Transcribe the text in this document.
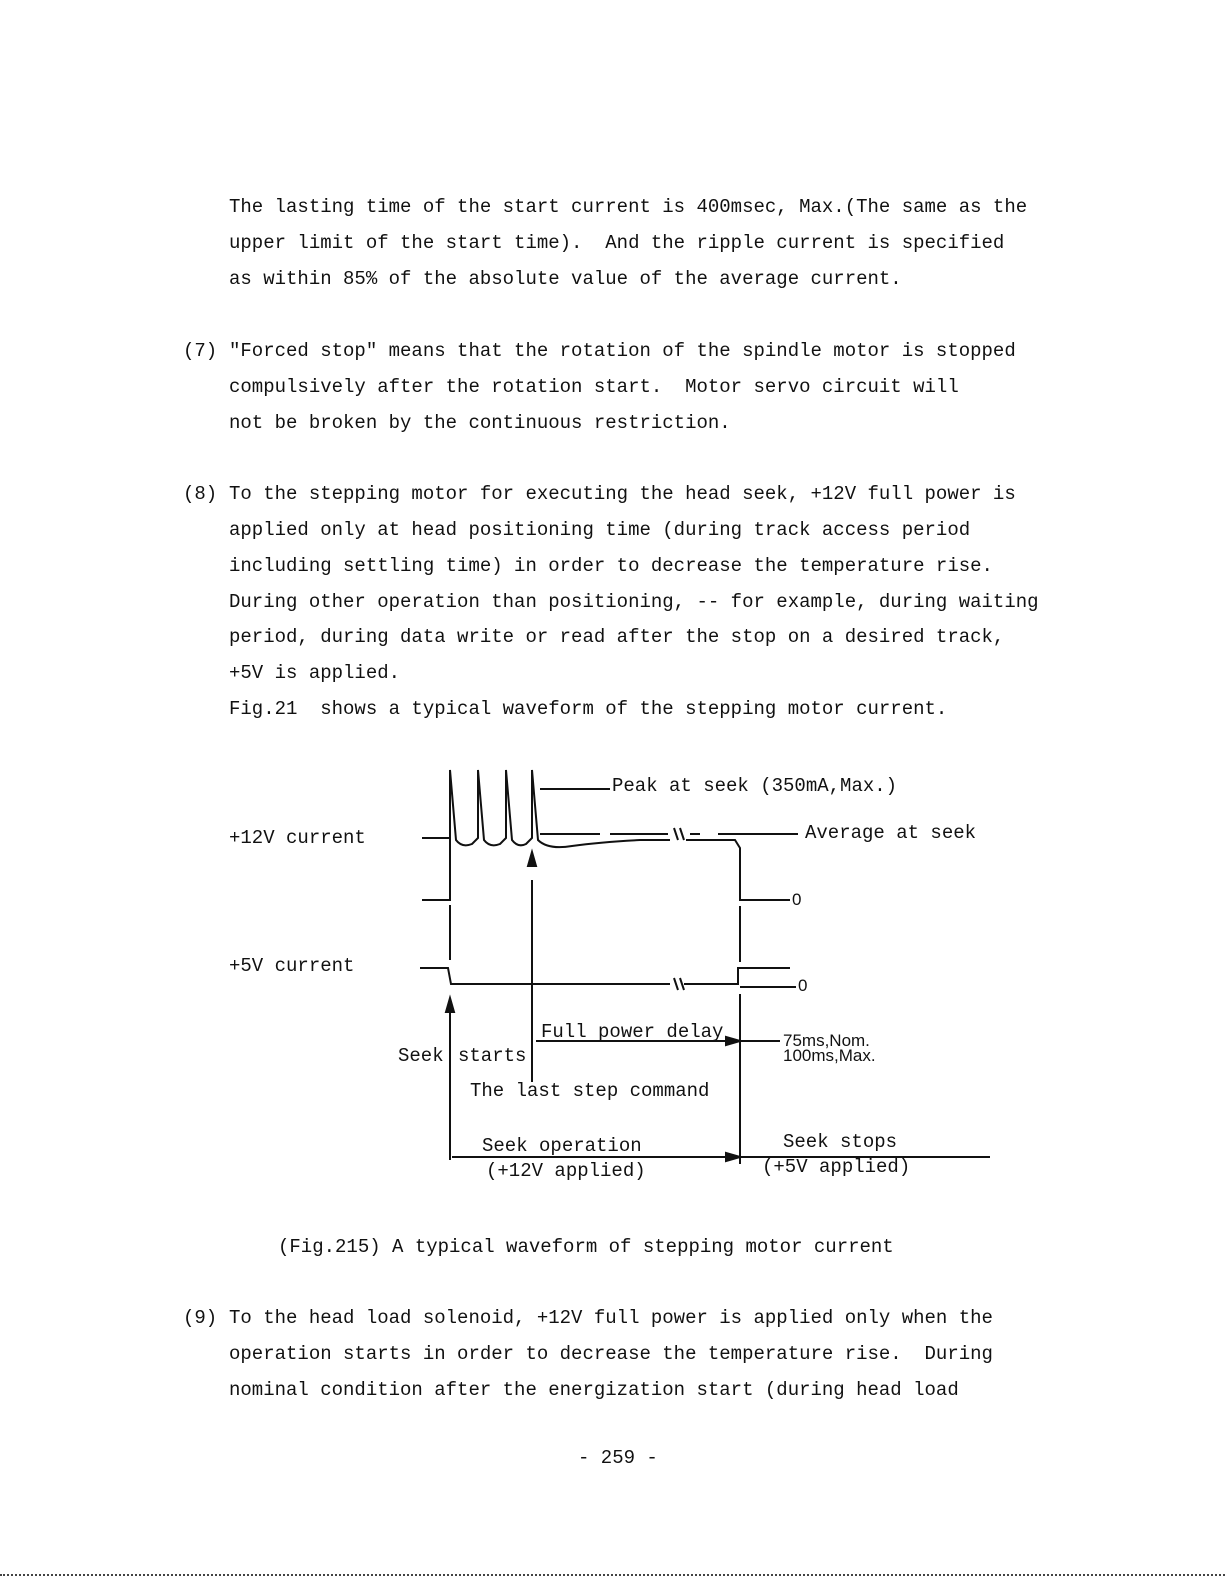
The lasting time of the start current is 400msec, Max.(The same as the
upper limit of the start time).  And the ripple current is specified
as within 85% of the absolute value of the average current.
(7) "Forced stop" means that the rotation of the spindle motor is stopped
compulsively after the rotation start.  Motor servo circuit will
not be broken by the continuous restriction.
(8) To the stepping motor for executing the head seek, +12V full power is
applied only at head positioning time (during track access period
including settling time) in order to decrease the temperature rise.
During other operation than positioning, -- for example, during waiting
period, during data write or read after the stop on a desired track,
+5V is applied.
Fig.21  shows a typical waveform of the stepping motor current.
+12V current
+5V current
Peak at seek (350mA,Max.)
Average at seek
0
0
Full power delay	75ms,Nom.
100ms,Max.
Seek starts
The last step command
Seek operation
(+12V applied)
Seek stops
(+5V applied)
(Fig.215) A typical waveform of stepping motor current
(9) To the head load solenoid, +12V full power is applied only when the
operation starts in order to decrease the temperature rise.  During
nominal condition after the energization start (during head load
- 259 -
